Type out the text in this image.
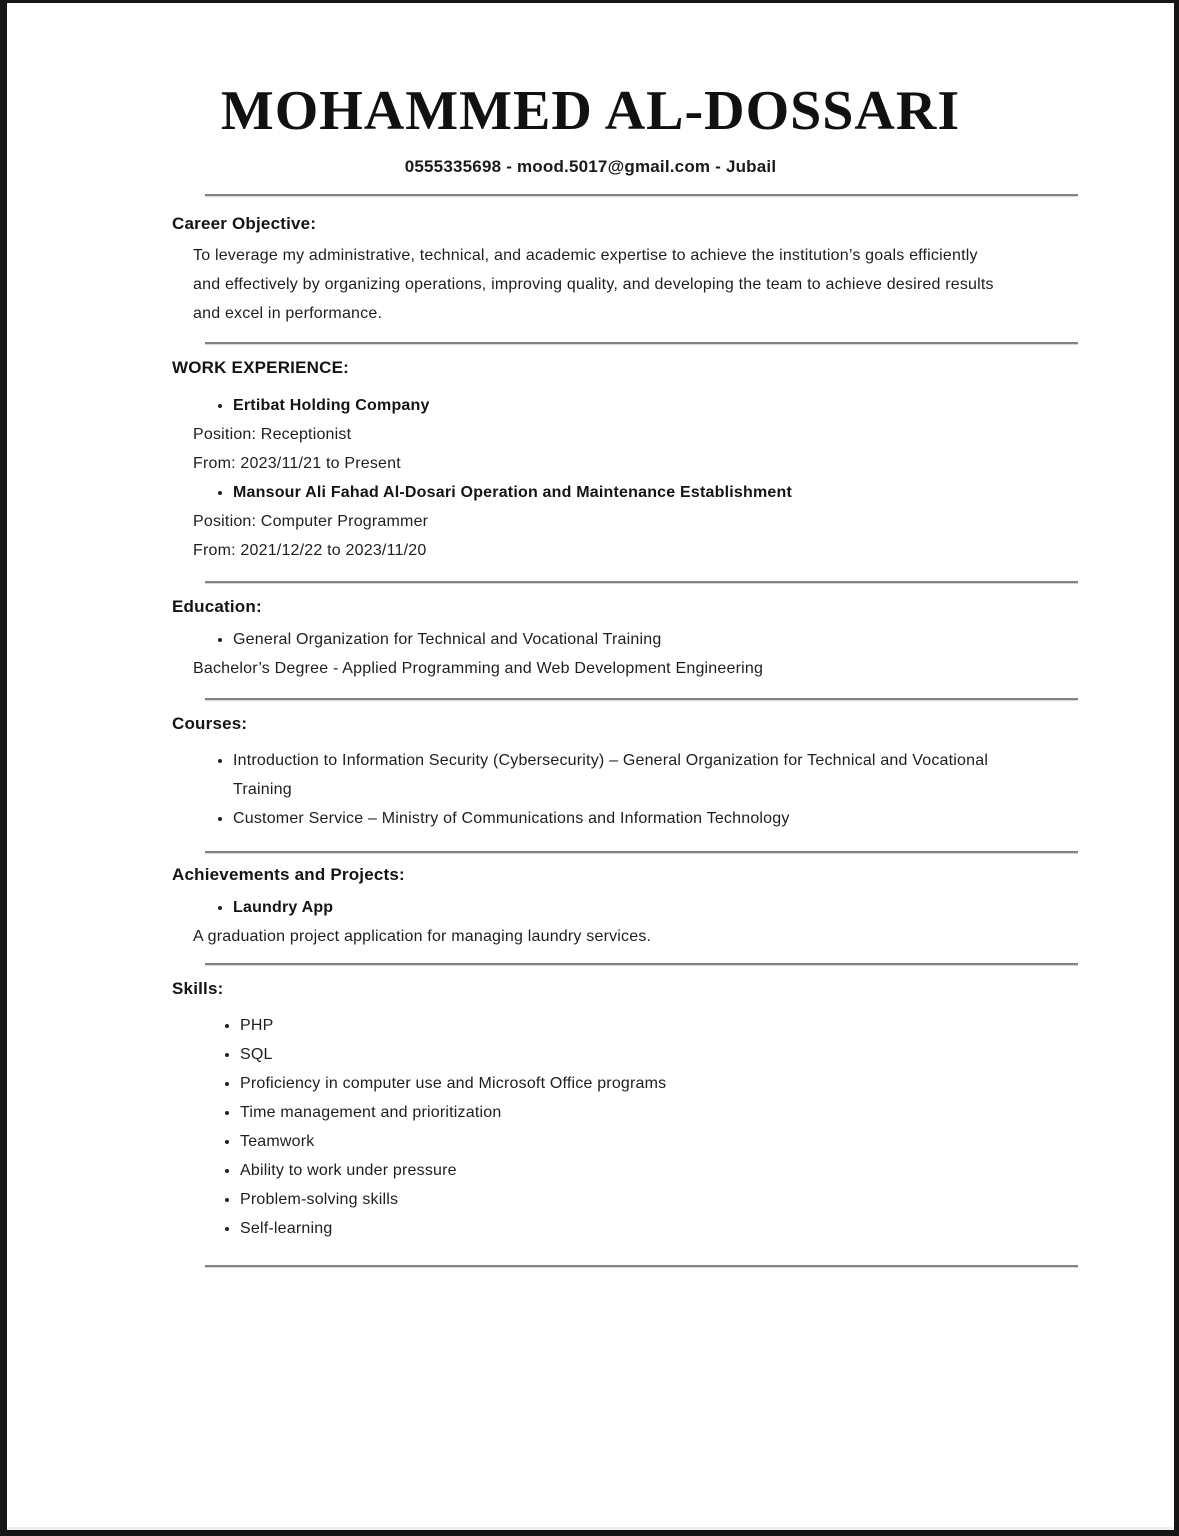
MOHAMMED AL-DOSSARI
0555335698 - mood.5017@gmail.com - Jubail
Career Objective:

To leverage my administrative, technical, and academic expertise to achieve the institution’s goals efficiently and effectively by organizing operations, improving quality, and developing the team to achieve desired results and excel in performance.

WORK EXPERIENCE:
Ertibat Holding Company
Position: Receptionist
From: 2023/11/21 to Present
Mansour Ali Fahad Al-Dosari Operation and Maintenance Establishment
Position: Computer Programmer
From: 2021/12/22 to 2023/11/20
Education:
General Organization for Technical and Vocational Training
Bachelor’s Degree - Applied Programming and Web Development Engineering
Courses:
Introduction to Information Security (Cybersecurity) – General Organization for Technical and Vocational Training
Customer Service – Ministry of Communications and Information Technology
Achievements and Projects:
Laundry App
A graduation project application for managing laundry services.
Skills:
PHP
SQL
Proficiency in computer use and Microsoft Office programs
Time management and prioritization
Teamwork
Ability to work under pressure
Problem-solving skills
Self-learning
